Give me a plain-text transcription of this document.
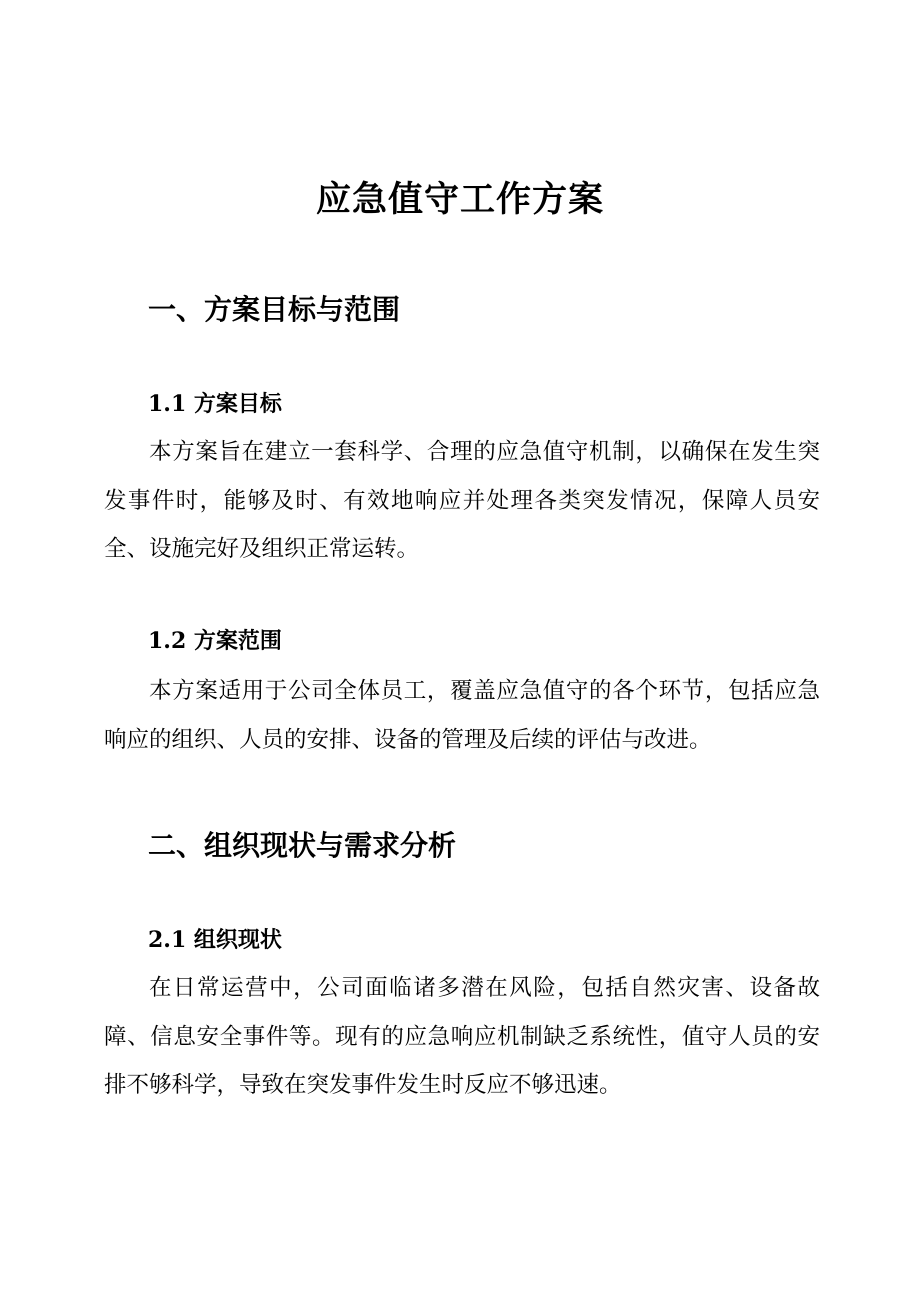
应急值守工作方案
一、方案目标与范围
1.1 方案目标

本方案旨在建立一套科学、合理的应急值守机制，以确保在发生突发事件时，能够及时、有效地响应并处理各类突发情况，保障人员安全、设施完好及组织正常运转。

1.2 方案范围

本方案适用于公司全体员工，覆盖应急值守的各个环节，包括应急响应的组织、人员的安排、设备的管理及后续的评估与改进。

二、组织现状与需求分析
2.1 组织现状

在日常运营中，公司面临诸多潜在风险，包括自然灾害、设备故障、信息安全事件等。现有的应急响应机制缺乏系统性，值守人员的安排不够科学，导致在突发事件发生时反应不够迅速。
